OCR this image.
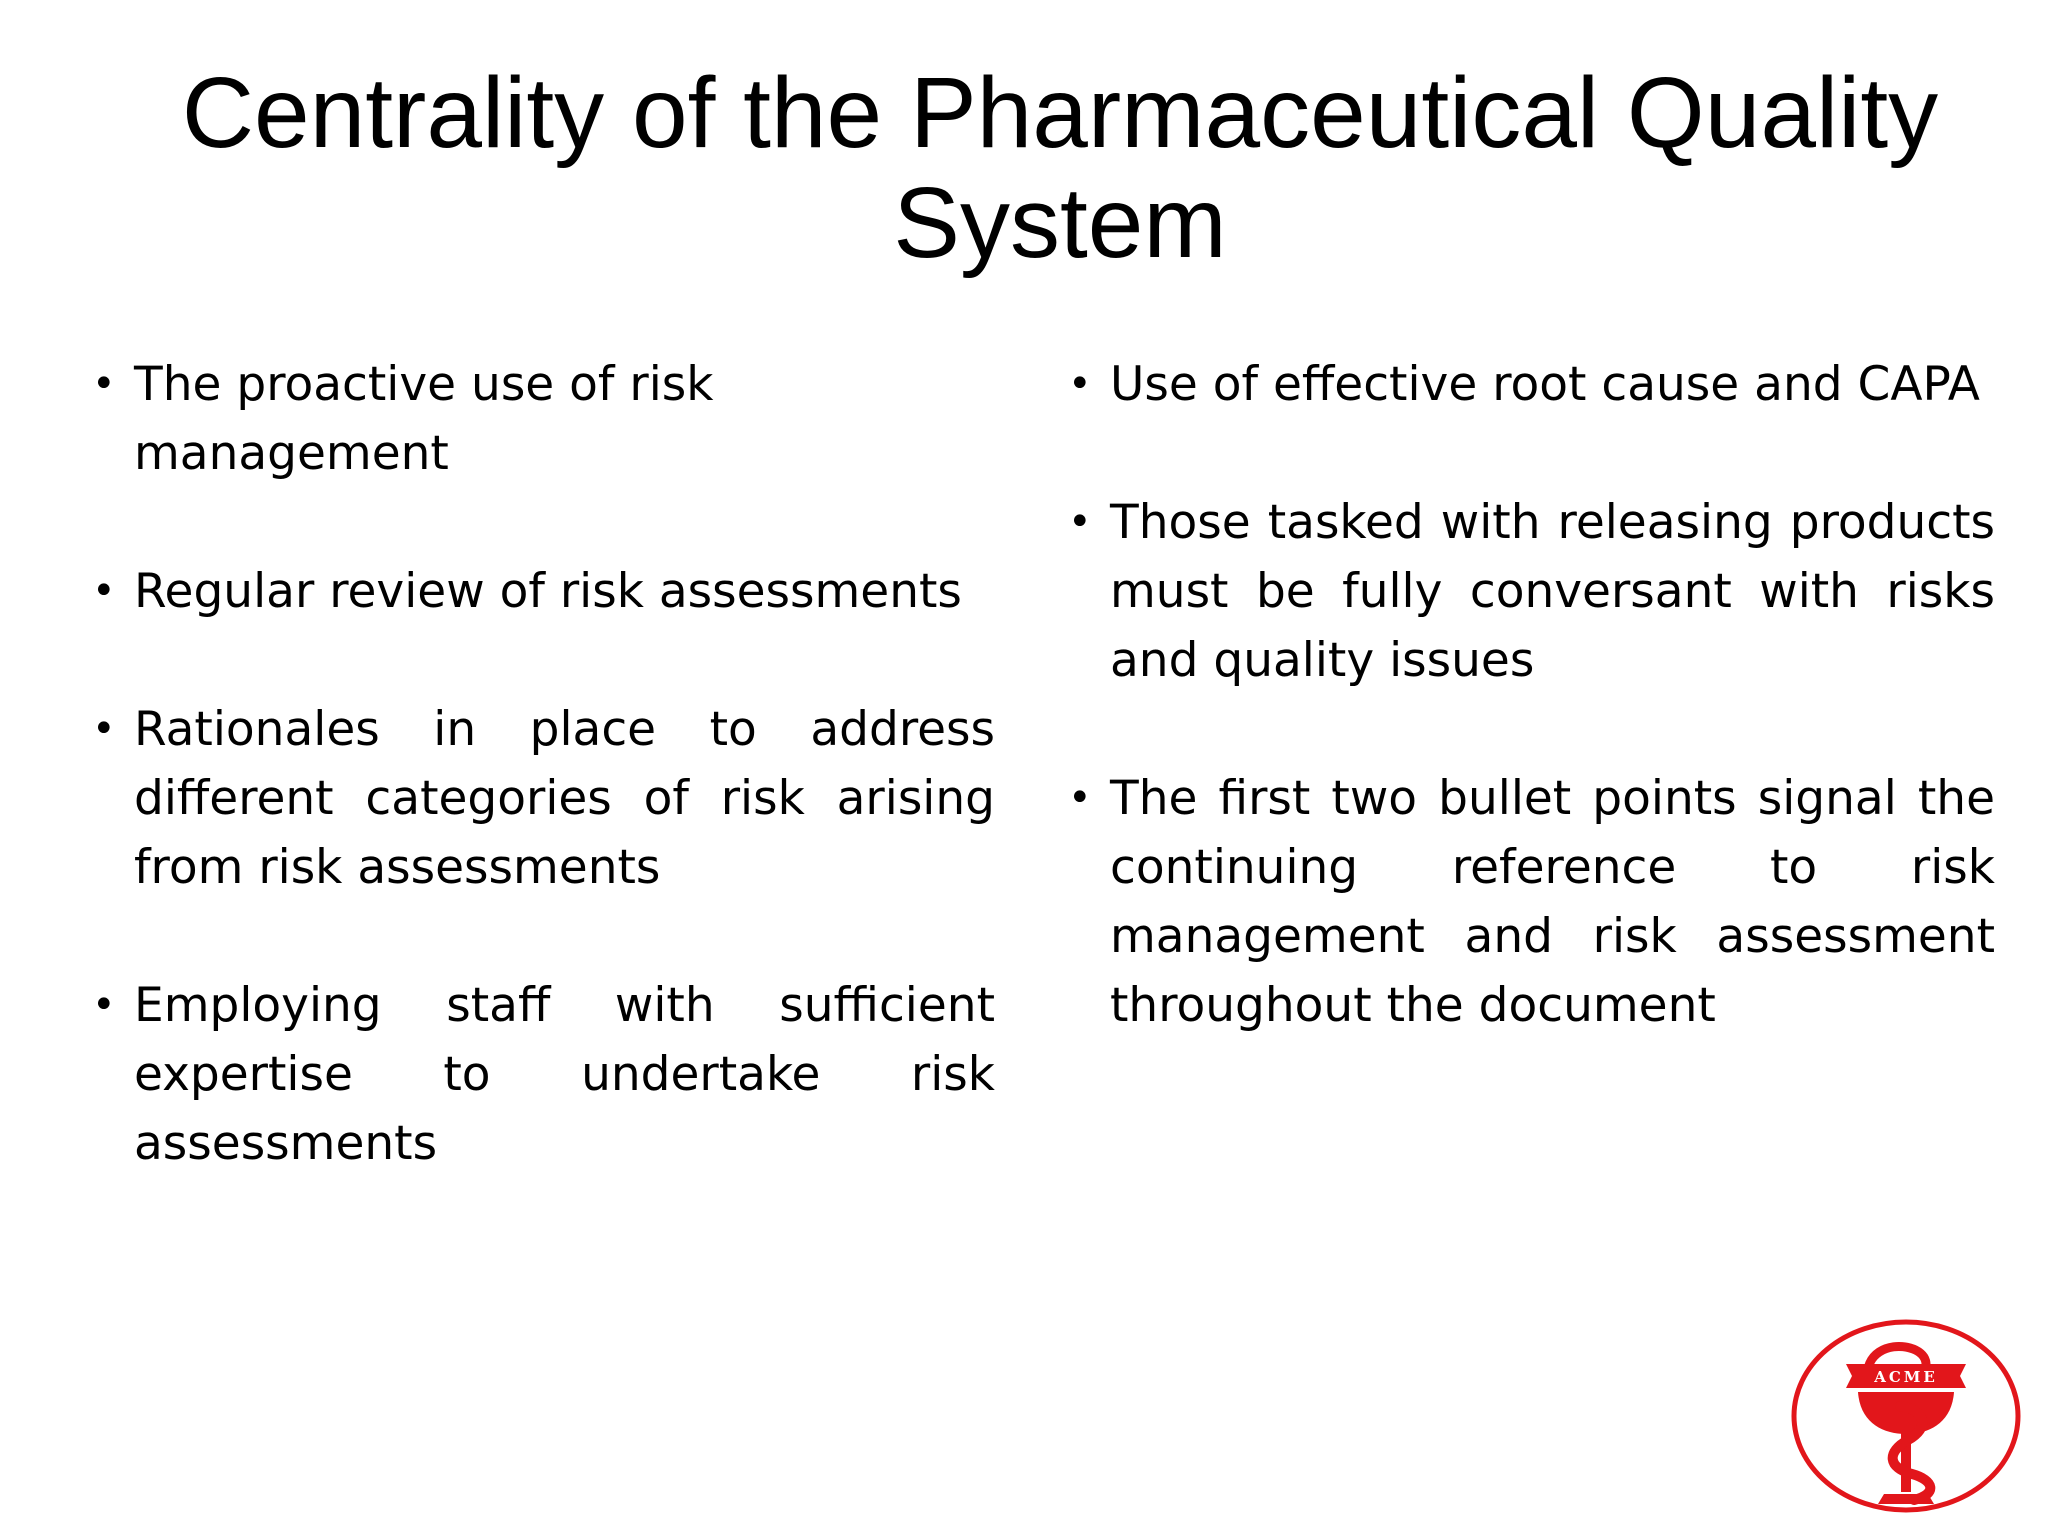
Centrality of the Pharmaceutical Quality System
• The proactive use of risk management
• Regular review of risk assessments
• Rationales in place to address different categories of risk arising from risk assessments
• Employing staff with sufficient expertise to undertake risk assessments
• Use of effective root cause and CAPA
• Those tasked with releasing products must be fully conversant with risks and quality issues
• The first two bullet points signal the continuing reference to risk management and risk assessment throughout the document
ACME
